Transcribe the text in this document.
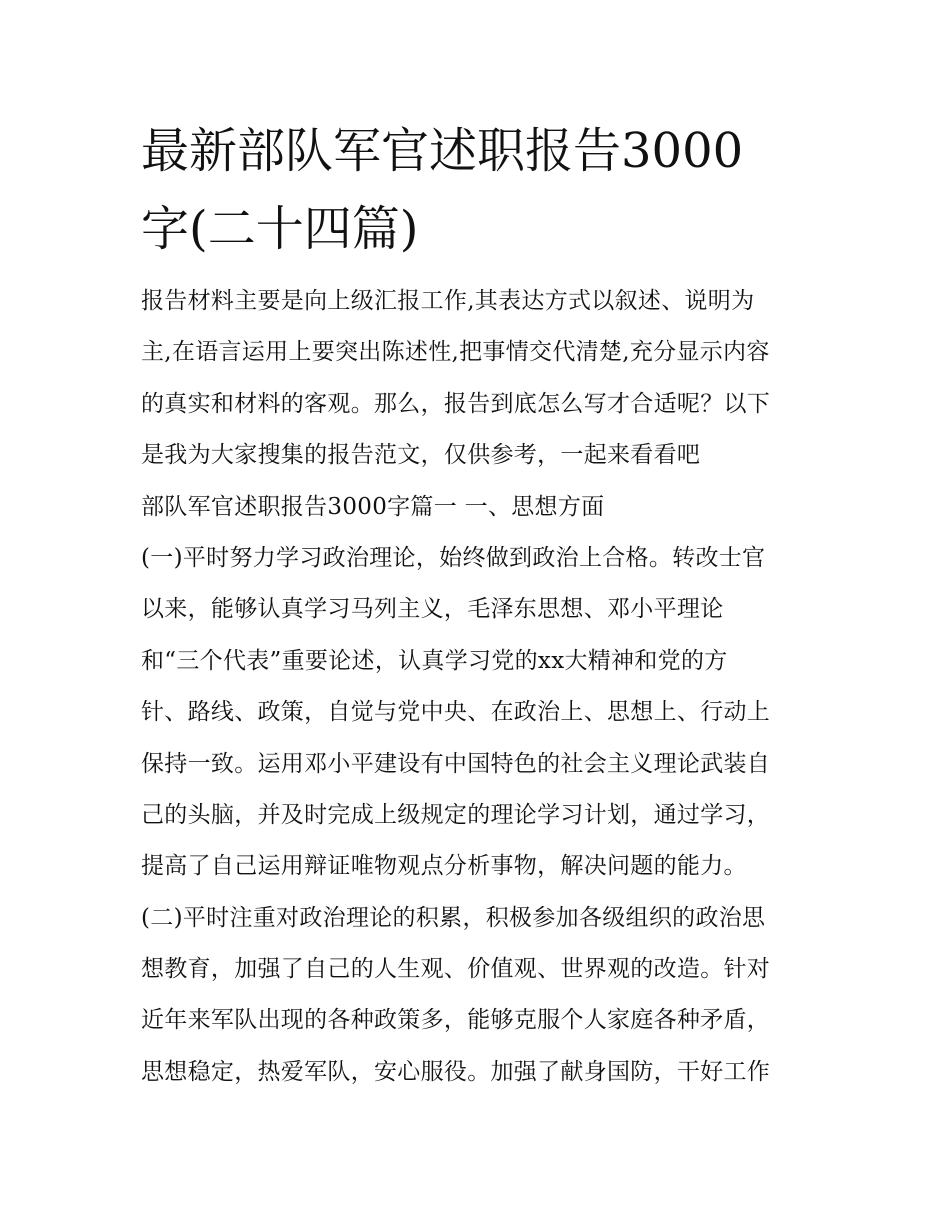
最新部队军官述职报告3000
字(二十四篇)
报告材料主要是向上级汇报工作,其表达方式以叙述、说明为
主,在语言运用上要突出陈述性,把事情交代清楚,充分显示内容
的真实和材料的客观。那么，报告到底怎么写才合适呢？以下
是我为大家搜集的报告范文，仅供参考，一起来看看吧
部队军官述职报告3000字篇一 一、思想方面
(一)平时努力学习政治理论，始终做到政治上合格。转改士官
以来，能够认真学习马列主义，毛泽东思想、邓小平理论
和“三个代表”重要论述，认真学习党的xx大精神和党的方
针、路线、政策，自觉与党中央、在政治上、思想上、行动上
保持一致。运用邓小平建设有中国特色的社会主义理论武装自
己的头脑，并及时完成上级规定的理论学习计划，通过学习，
提高了自己运用辩证唯物观点分析事物，解决问题的能力。
(二)平时注重对政治理论的积累，积极参加各级组织的政治思
想教育，加强了自己的人生观、价值观、世界观的改造。针对
近年来军队出现的各种政策多，能够克服个人家庭各种矛盾，
思想稳定，热爱军队，安心服役。加强了献身国防，干好工作
